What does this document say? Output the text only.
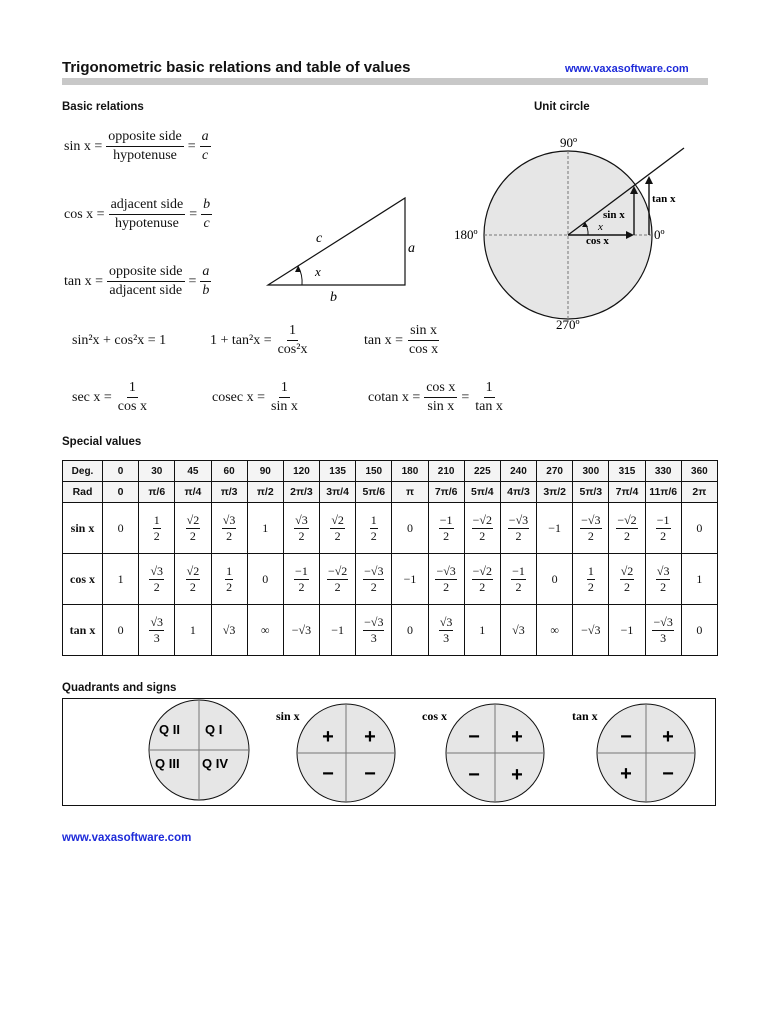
Trigonometric basic relations and table of values	www.vaxasoftware.com
Basic relations
$\sin x = \frac{\text{opposite side}}{\text{hypotenuse}} = \frac{a}{c}$
$\cos x = \frac{\text{adjacent side}}{\text{hypotenuse}} = \frac{b}{c}$
$\tan x = \frac{\text{opposite side}}{\text{adjacent side}} = \frac{a}{b}$
c
a
b
x
sin²x + cos²x = 1	$1 + \tan^2x = \frac{1}{\text{cos²x}}$	$\tan x = \frac{\text{sin x}}{\text{cos x}}$
$\sec x = \frac{1}{\text{cos x}}$	cosec $x = \frac{1}{\text{sin x}}$	cotan $x = \frac{\text{cos x}}{\text{sin x}} = \frac{1}{\text{tan x}}$
Unit circle
90º
180º
270º
0º
sin x
cos x
tan x
x
Special values
Deg.	0	30	45	60	90	120	135	150	180	210	225	240	270	300	315	330	360
Rad	0	π/6	π/4	π/3	π/2	2π/3	3π/4	5π/6	π	7π/6	5π/4	4π/3	3π/2	5π/3	7π/4	11π/6	2π
sin x	0	$\frac{1}{2}$	$\frac{√2}{2}$	$\frac{√3}{2}$	1	$\frac{√3}{2}$	$\frac{√2}{2}$	$\frac{1}{2}$	0	$\frac{-1}{2}$	$\frac{-√2}{2}$	$\frac{-√3}{2}$	−1	$\frac{-√3}{2}$	$\frac{-√2}{2}$	$\frac{-1}{2}$	0
cos x	1	$\frac{√3}{2}$	$\frac{√2}{2}$	$\frac{1}{2}$	0	$\frac{-1}{2}$	$\frac{-√2}{2}$	$\frac{-√3}{2}$	−1	$\frac{-√3}{2}$	$\frac{-√2}{2}$	$\frac{-1}{2}$	0	$\frac{1}{2}$	$\frac{√2}{2}$	$\frac{√3}{2}$	1
tan x	0	$\frac{√3}{3}$	1	√3	∞	−√3	−1	$\frac{-√3}{3}$	0	$\frac{√3}{3}$	1	√3	∞	−√3	−1	$\frac{-√3}{3}$	0
Quadrants and signs
Q II Q I
Q III Q IV
sin x
+ +
− −
cos x
− +
− +
tan x
− +
+ −
www.vaxasoftware.com
